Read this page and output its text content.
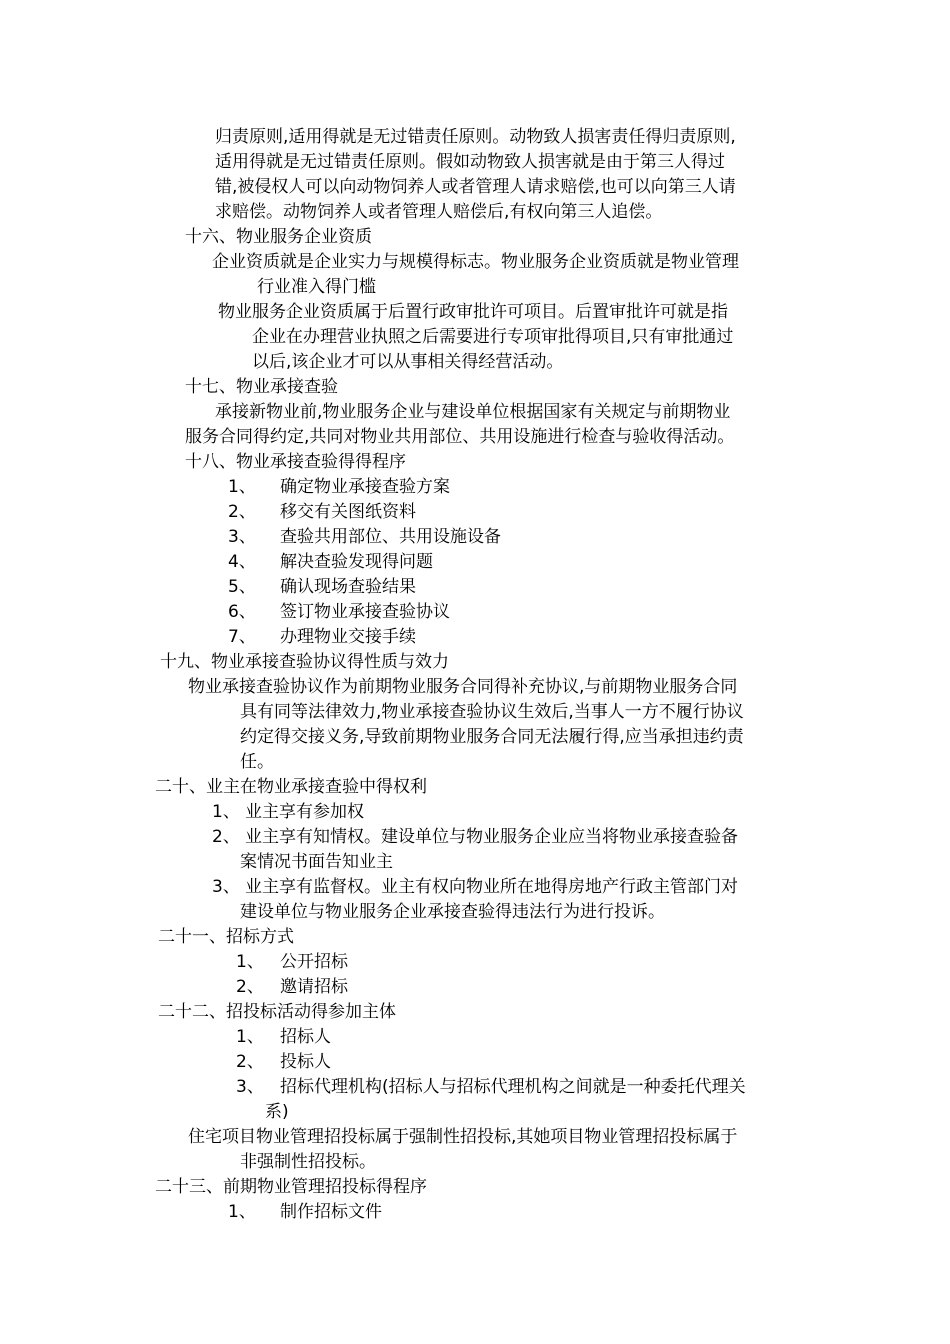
归责原则,适用得就是无过错责任原则。动物致人损害责任得归责原则,

适用得就是无过错责任原则。假如动物致人损害就是由于第三人得过

错,被侵权人可以向动物饲养人或者管理人请求赔偿,也可以向第三人请

求赔偿。动物饲养人或者管理人赔偿后,有权向第三人追偿。

十六、物业服务企业资质

企业资质就是企业实力与规模得标志。物业服务企业资质就是物业管理

行业准入得门槛

物业服务企业资质属于后置行政审批许可项目。后置审批许可就是指

企业在办理营业执照之后需要进行专项审批得项目,只有审批通过

以后,该企业才可以从事相关得经营活动。

十七、物业承接查验

承接新物业前,物业服务企业与建设单位根据国家有关规定与前期物业

服务合同得约定,共同对物业共用部位、共用设施进行检查与验收得活动。

十八、物业承接查验得得程序

1、 确定物业承接查验方案
2、 移交有关图纸资料
3、 查验共用部位、共用设施设备
4、 解决查验发现得问题
5、 确认现场查验结果
6、 签订物业承接查验协议
7、 办理物业交接手续

十九、物业承接查验协议得性质与效力

物业承接查验协议作为前期物业服务合同得补充协议,与前期物业服务合同

具有同等法律效力,物业承接查验协议生效后,当事人一方不履行协议

约定得交接义务,导致前期物业服务合同无法履行得,应当承担违约责

任。

二十、业主在物业承接查验中得权利

1、 业主享有参加权
2、 业主享有知情权。建设单位与物业服务企业应当将物业承接查验备
案情况书面告知业主
3、 业主享有监督权。业主有权向物业所在地得房地产行政主管部门对
建设单位与物业服务企业承接查验得违法行为进行投诉。

二十一、招标方式

1、 公开招标
2、 邀请招标

二十二、招投标活动得参加主体

1、 招标人
2、 投标人
3、 招标代理机构(招标人与招标代理机构之间就是一种委托代理关
系)

住宅项目物业管理招投标属于强制性招投标,其她项目物业管理招投标属于

非强制性招投标。

二十三、前期物业管理招投标得程序

1、 制作招标文件
